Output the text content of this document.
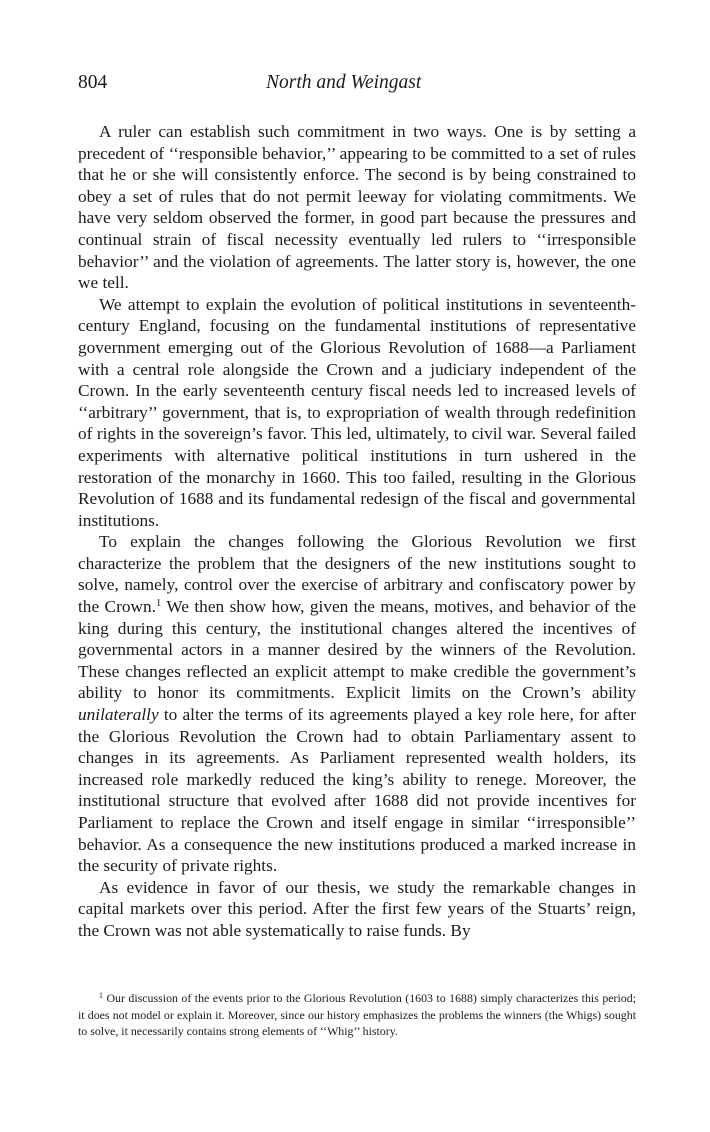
804	North and Weingast

A ruler can establish such commitment in two ways. One is by setting a precedent of ‘‘responsible behavior,’’ appearing to be committed to a set of rules that he or she will consistently enforce. The second is by being constrained to obey a set of rules that do not permit leeway for violating commitments. We have very seldom observed the former, in good part because the pressures and continual strain of fiscal necessity eventually led rulers to ‘‘irresponsible behavior’’ and the violation of agreements. The latter story is, however, the one we tell.

We attempt to explain the evolution of political institutions in seventeenth-century England, focusing on the fundamental institutions of representative government emerging out of the Glorious Revolution of 1688—a Parliament with a central role alongside the Crown and a judiciary independent of the Crown. In the early seventeenth century fiscal needs led to increased levels of ‘‘arbitrary’’ government, that is, to expropriation of wealth through redefinition of rights in the sovereign’s favor. This led, ultimately, to civil war. Several failed experiments with alternative political institutions in turn ushered in the restoration of the monarchy in 1660. This too failed, resulting in the Glorious Revolution of 1688 and its fundamental redesign of the fiscal and governmental institutions.

To explain the changes following the Glorious Revolution we first characterize the problem that the designers of the new institutions sought to solve, namely, control over the exercise of arbitrary and confiscatory power by the Crown.$^1$ We then show how, given the means, motives, and behavior of the king during this century, the institutional changes altered the incentives of governmental actors in a manner desired by the winners of the Revolution. These changes reflected an explicit attempt to make credible the government’s ability to honor its commitments. Explicit limits on the Crown’s ability unilaterally to alter the terms of its agreements played a key role here, for after the Glorious Revolution the Crown had to obtain Parliamentary assent to changes in its agreements. As Parliament represented wealth holders, its increased role markedly reduced the king’s ability to renege. Moreover, the institutional structure that evolved after 1688 did not provide incentives for Parliament to replace the Crown and itself engage in similar ‘‘irresponsible’’ behavior. As a consequence the new institutions produced a marked increase in the security of private rights.

As evidence in favor of our thesis, we study the remarkable changes in capital markets over this period. After the first few years of the Stuarts’ reign, the Crown was not able systematically to raise funds. By

$^1$ Our discussion of the events prior to the Glorious Revolution (1603 to 1688) simply characterizes this period; it does not model or explain it. Moreover, since our history emphasizes the problems the winners (the Whigs) sought to solve, it necessarily contains strong elements of ‘‘Whig’’ history.
